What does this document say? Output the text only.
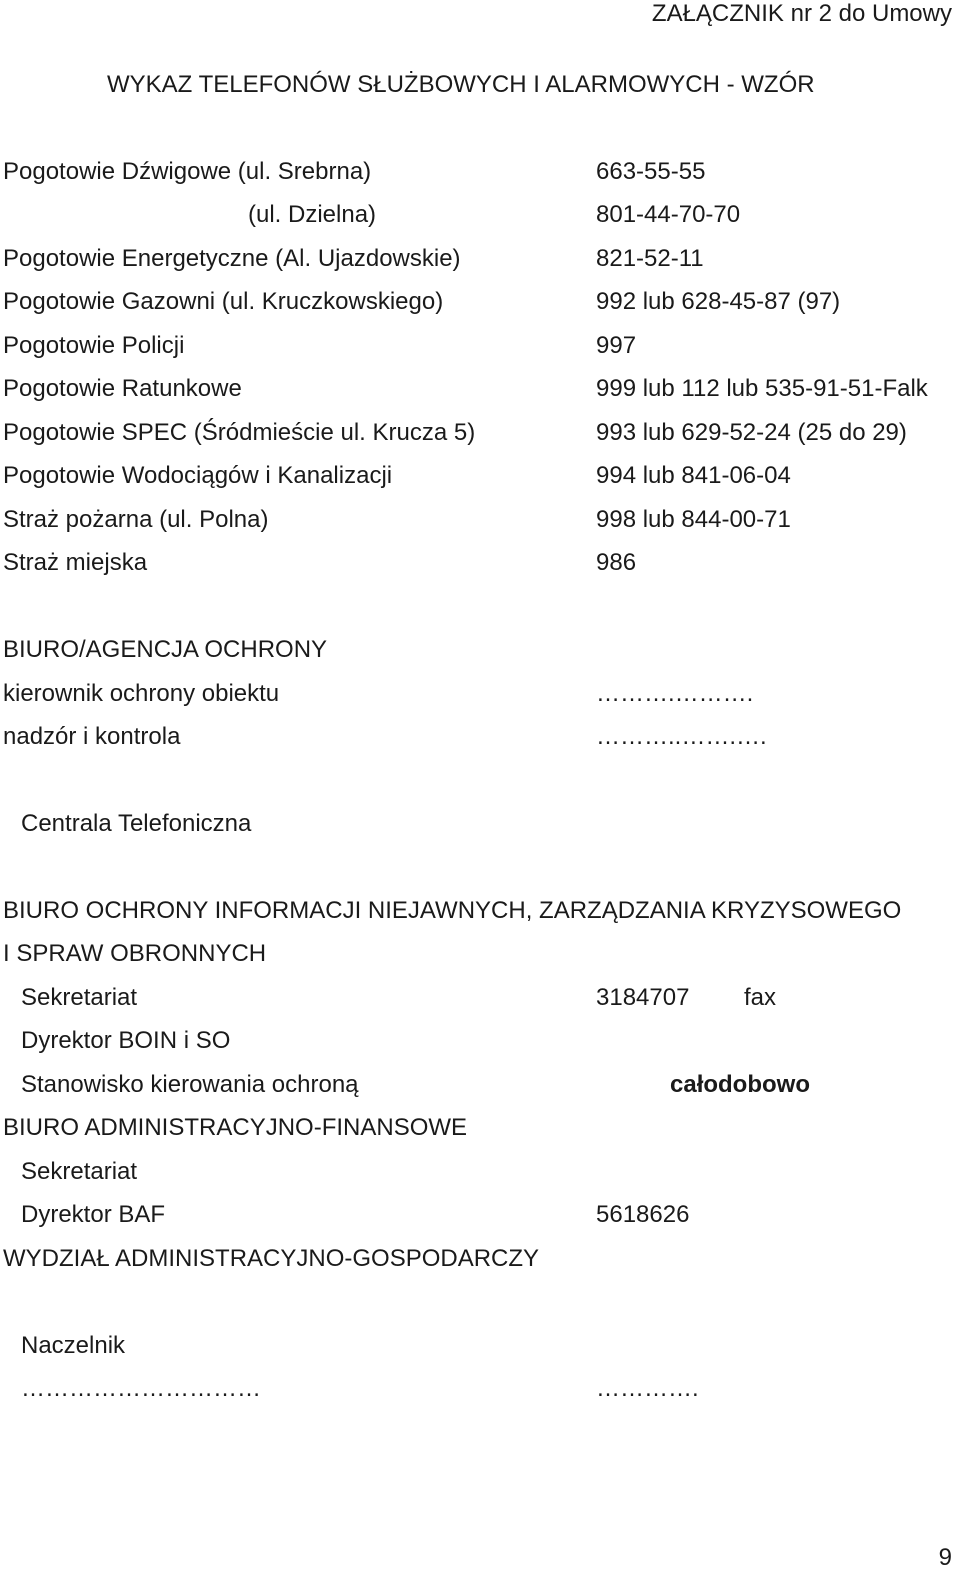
ZAŁĄCZNIK nr 2 do Umowy
WYKAZ TELEFONÓW SŁUŻBOWYCH I ALARMOWYCH - WZÓR
Pogotowie Dźwigowe (ul. Srebrna)	663-55-55
(ul. Dzielna)	801-44-70-70
Pogotowie Energetyczne (Al. Ujazdowskie)	821-52-11
Pogotowie Gazowni (ul. Kruczkowskiego)	992 lub 628-45-87 (97)
Pogotowie Policji	997
Pogotowie Ratunkowe	999 lub 112 lub 535-91-51-Falk
Pogotowie SPEC (Śródmieście ul. Krucza 5)	993 lub 629-52-24 (25 do 29)
Pogotowie Wodociągów i Kanalizacji	994 lub 841-06-04
Straż pożarna (ul. Polna)	998 lub 844-00-71
Straż miejska	986
BIURO/AGENCJA OCHRONY
kierownik ochrony obiektu	……….……….
nadzór i kontrola	………..…….….
Centrala Telefoniczna
BIURO OCHRONY INFORMACJI NIEJAWNYCH, ZARZĄDZANIA KRYZYSOWEGO
I SPRAW OBRONNYCH
Sekretariat	3184707 fax
Dyrektor BOIN i SO
Stanowisko kierowania ochroną	całodobowo
BIURO ADMINISTRACYJNO-FINANSOWE
Sekretariat
Dyrektor BAF	5618626
WYDZIAŁ ADMINISTRACYJNO-GOSPODARCZY
Naczelnik
…………………………	………….
9
